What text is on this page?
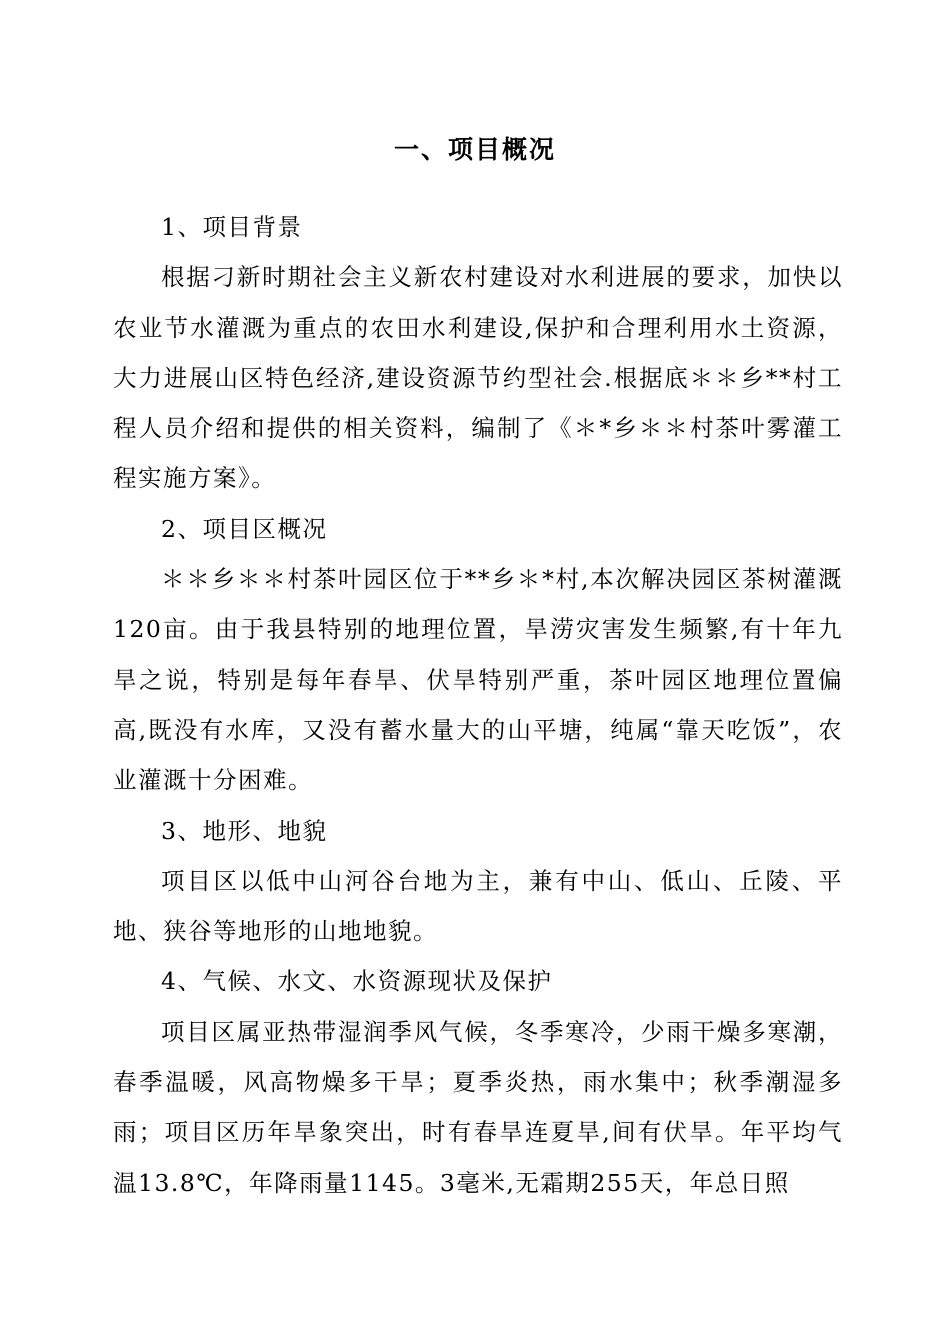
一、项目概况

1、项目背景

根据刁新时期社会主义新农村建设对水利进展的要求，加快以农业节水灌溉为重点的农田水利建设,保护和合理利用水土资源，大力进展山区特色经济,建设资源节约型社会.根据底＊＊乡**村工程人员介绍和提供的相关资料，编制了《＊*乡＊＊村茶叶雾灌工程实施方案》。

2、项目区概况

＊＊乡＊＊村茶叶园区位于**乡＊*村,本次解决园区茶树灌溉120亩。由于我县特别的地理位置，旱涝灾害发生频繁,有十年九旱之说，特别是每年春旱、伏旱特别严重，茶叶园区地理位置偏高,既没有水库，又没有蓄水量大的山平塘，纯属“靠天吃饭”，农业灌溉十分困难。

3、地形、地貌

项目区以低中山河谷台地为主，兼有中山、低山、丘陵、平地、狭谷等地形的山地地貌。

4、气候、水文、水资源现状及保护

项目区属亚热带湿润季风气候，冬季寒冷，少雨干燥多寒潮，春季温暖，风高物燥多干旱；夏季炎热，雨水集中；秋季潮湿多雨；项目区历年旱象突出，时有春旱连夏旱,间有伏旱。年平均气温13.8℃，年降雨量1145。3毫米,无霜期255天，年总日照
